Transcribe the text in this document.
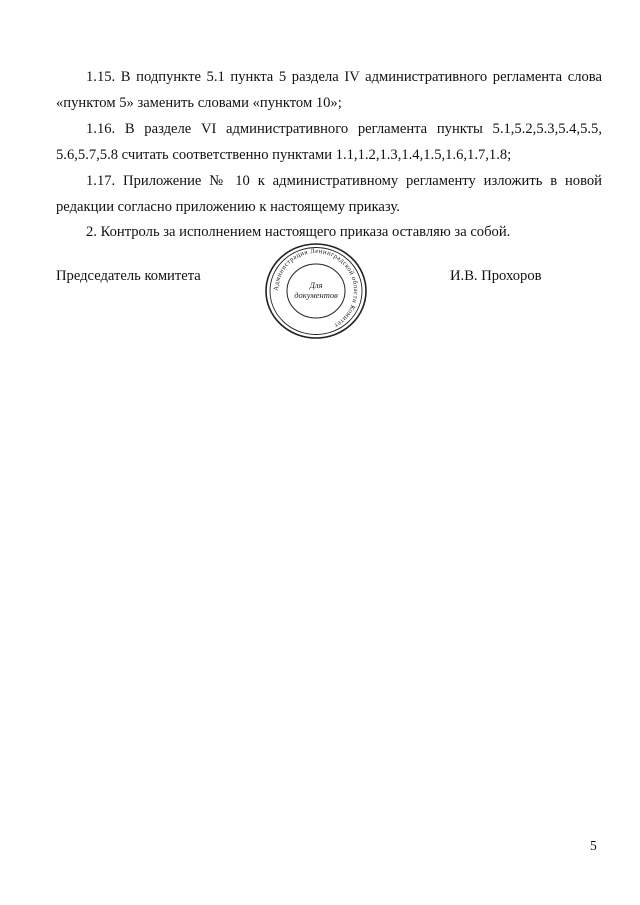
1.15. В подпункте 5.1 пункта 5 раздела IV административного регламента слова «пунктом 5» заменить словами «пунктом 10»;

1.16. В разделе VI административного регламента пункты 5.1,5.2,5.3,5.4,5.5, 5.6,5.7,5.8 считать соответственно пунктами 1.1,1.2,1.3,1.4,1.5,1.6,1.7,1.8;

1.17. Приложение № 10 к административному регламенту изложить в новой редакции согласно приложению к настоящему приказу.

2. Контроль за исполнением настоящего приказа оставляю за собой.

Председатель комитета
Администрация Ленинградской области Комитет
Для
документов
И.В. Прохоров
5
